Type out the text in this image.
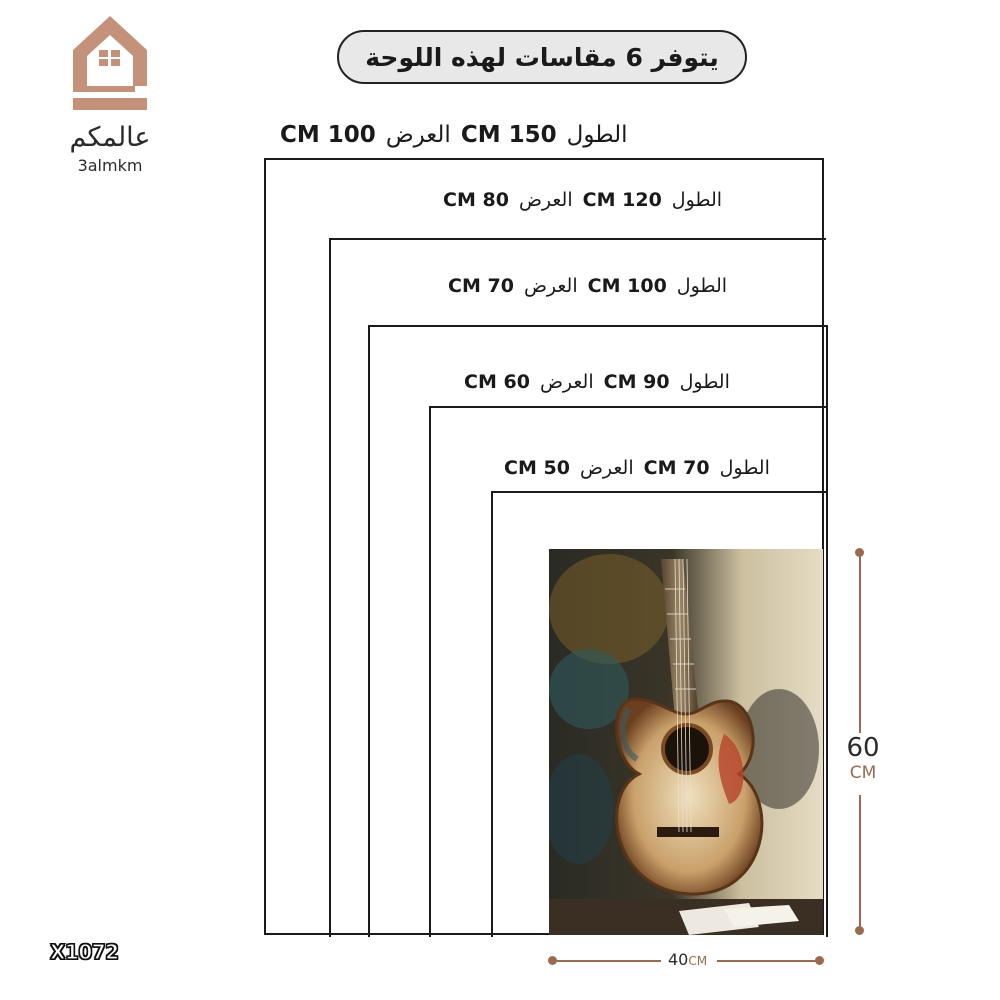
عالمكم
3almkm
يتوفر 6 مقاسات لهذه اللوحة
الطول
150 CM
العرض
100 CM
الطول
120 CM
العرض
80 CM
الطول
100 CM
العرض
70 CM
الطول
90 CM
العرض
60 CM
الطول
70 CM
العرض
50 CM
60
CM
40CM
X1072
